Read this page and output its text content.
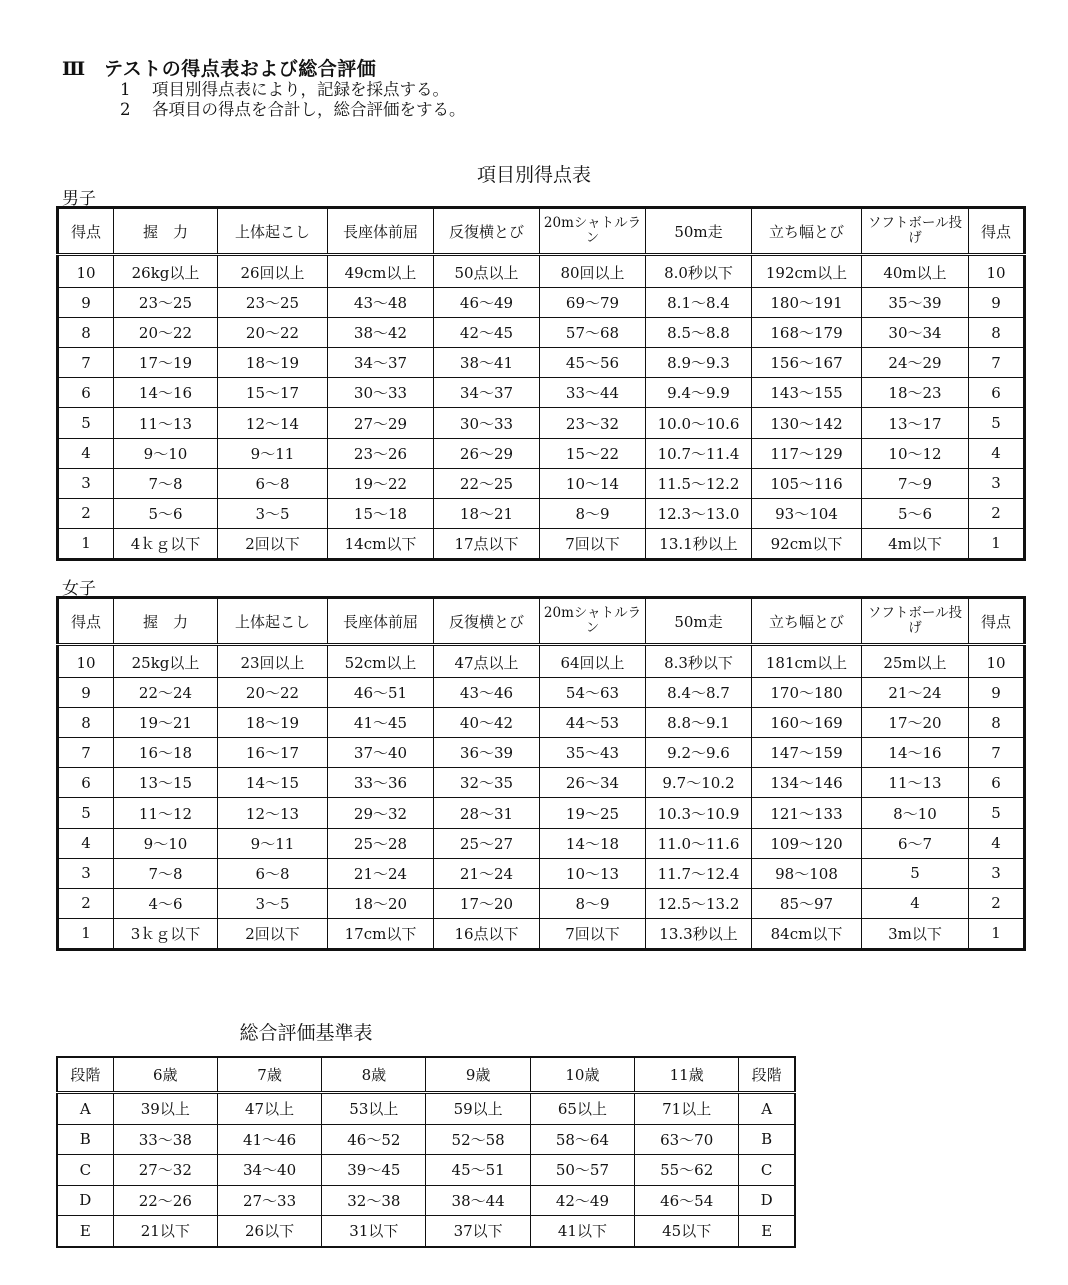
Ⅲ テストの得点表および総合評価
1 項目別得点表により，記録を採点する。
2 各項目の得点を合計し，総合評価をする。
項目別得点表
男子
得点	握　力	上体起こし	長座体前屈	反復横とび	20mシャトルラン	50m走	立ち幅とび	ソフトボール投げ	得点
10	26kg以上	26回以上	49cm以上	50点以上	80回以上	8.0秒以下	192cm以上	40m以上	10
9	23〜25	23〜25	43〜48	46〜49	69〜79	8.1〜8.4	180〜191	35〜39	9
8	20〜22	20〜22	38〜42	42〜45	57〜68	8.5〜8.8	168〜179	30〜34	8
7	17〜19	18〜19	34〜37	38〜41	45〜56	8.9〜9.3	156〜167	24〜29	7
6	14〜16	15〜17	30〜33	34〜37	33〜44	9.4〜9.9	143〜155	18〜23	6
5	11〜13	12〜14	27〜29	30〜33	23〜32	10.0〜10.6	130〜142	13〜17	5
4	9〜10	9〜11	23〜26	26〜29	15〜22	10.7〜11.4	117〜129	10〜12	4
3	7〜8	6〜8	19〜22	22〜25	10〜14	11.5〜12.2	105〜116	7〜9	3
2	5〜6	3〜5	15〜18	18〜21	8〜9	12.3〜13.0	93〜104	5〜6	2
1	4ｋｇ以下	2回以下	14cm以下	17点以下	7回以下	13.1秒以上	92cm以下	4m以下	1
女子
得点	握　力	上体起こし	長座体前屈	反復横とび	20mシャトルラン	50m走	立ち幅とび	ソフトボール投げ	得点
10	25kg以上	23回以上	52cm以上	47点以上	64回以上	8.3秒以下	181cm以上	25m以上	10
9	22〜24	20〜22	46〜51	43〜46	54〜63	8.4〜8.7	170〜180	21〜24	9
8	19〜21	18〜19	41〜45	40〜42	44〜53	8.8〜9.1	160〜169	17〜20	8
7	16〜18	16〜17	37〜40	36〜39	35〜43	9.2〜9.6	147〜159	14〜16	7
6	13〜15	14〜15	33〜36	32〜35	26〜34	9.7〜10.2	134〜146	11〜13	6
5	11〜12	12〜13	29〜32	28〜31	19〜25	10.3〜10.9	121〜133	8〜10	5
4	9〜10	9〜11	25〜28	25〜27	14〜18	11.0〜11.6	109〜120	6〜7	4
3	7〜8	6〜8	21〜24	21〜24	10〜13	11.7〜12.4	98〜108	5	3
2	4〜6	3〜5	18〜20	17〜20	8〜9	12.5〜13.2	85〜97	4	2
1	3ｋｇ以下	2回以下	17cm以下	16点以下	7回以下	13.3秒以上	84cm以下	3m以下	1
総合評価基準表
段階	6歳	7歳	8歳	9歳	10歳	11歳	段階
A	39以上	47以上	53以上	59以上	65以上	71以上	A
B	33〜38	41〜46	46〜52	52〜58	58〜64	63〜70	B
C	27〜32	34〜40	39〜45	45〜51	50〜57	55〜62	C
D	22〜26	27〜33	32〜38	38〜44	42〜49	46〜54	D
E	21以下	26以下	31以下	37以下	41以下	45以下	E
